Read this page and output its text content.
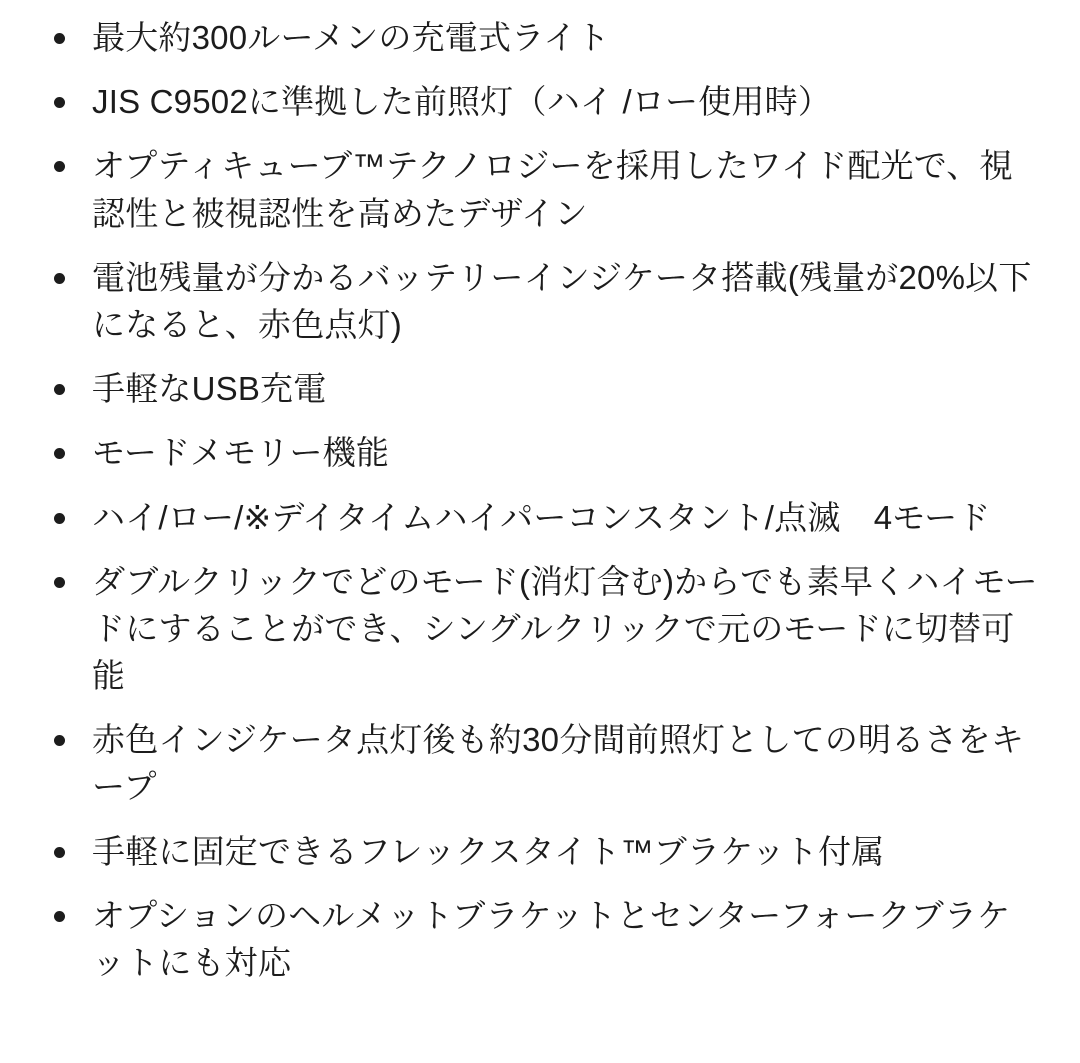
最大約300ルーメンの充電式ライト
JIS C9502に準拠した前照灯（ハイ /ロー使用時）
オプティキューブ™テクノロジーを採用したワイド配光で、視認性と被視認性を高めたデザイン
電池残量が分かるバッテリーインジケータ搭載(残量が20%以下になると、赤色点灯)
手軽なUSB充電
モードメモリー機能
ハイ/ロー/※デイタイムハイパーコンスタント/点滅　4モード
ダブルクリックでどのモード(消灯含む)からでも素早くハイモードにすることができ、シングルクリックで元のモードに切替可能
赤色インジケータ点灯後も約30分間前照灯としての明るさをキープ
手軽に固定できるフレックスタイト™ブラケット付属
オプションのヘルメットブラケットとセンターフォークブラケットにも対応
